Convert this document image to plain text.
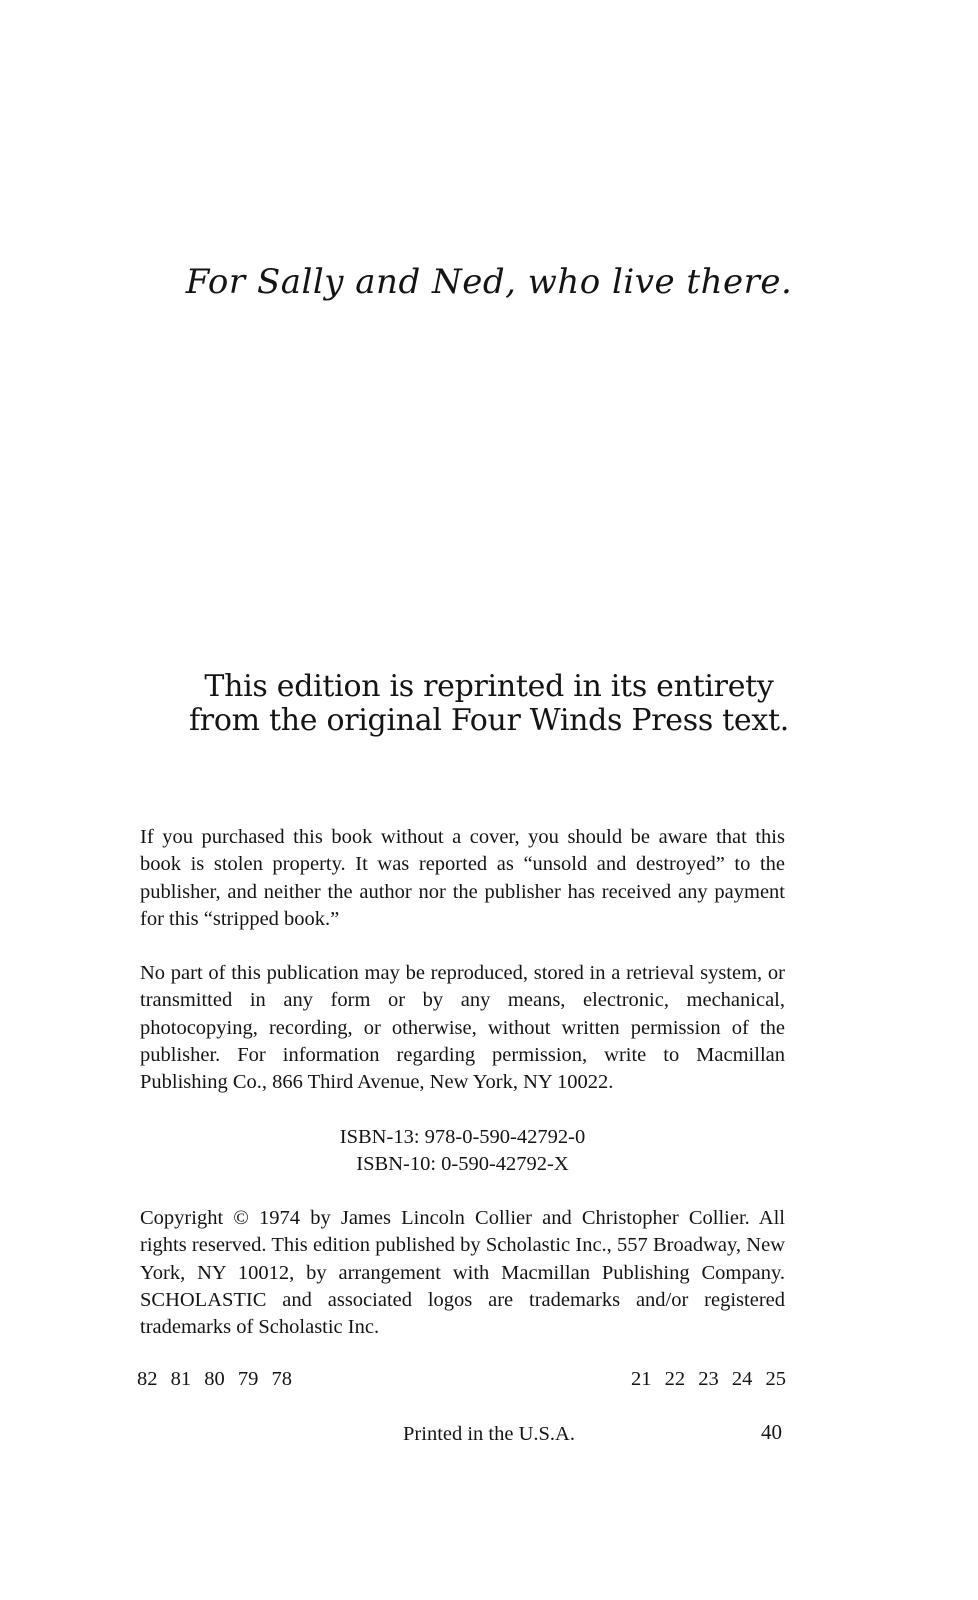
For Sally and Ned, who live there.
This edition is reprinted in its entirety
from the original Four Winds Press text.
If you purchased this book without a cover, you should be aware that this book is stolen property. It was reported as “unsold and destroyed” to the publisher, and neither the author nor the publisher has received any payment for this “stripped book.”
No part of this publication may be reproduced, stored in a retrieval system, or transmitted in any form or by any means, electronic, mechanical, photocopying, recording, or otherwise, without written permission of the publisher. For information regarding permission, write to Macmillan Publishing Co., 866 Third Avenue, New York, NY 10022.
ISBN-13: 978-0-590-42792-0
ISBN-10: 0-590-42792-X
Copyright © 1974 by James Lincoln Collier and Christopher Collier. All rights reserved. This edition published by Scholastic Inc., 557 Broadway, New York, NY 10012, by arrangement with Macmillan Publishing Company. SCHOLASTIC and associated logos are trademarks and/or registered trademarks of Scholastic Inc.
82 81 80 79 78	21 22 23 24 25
Printed in the U.S.A.	40
